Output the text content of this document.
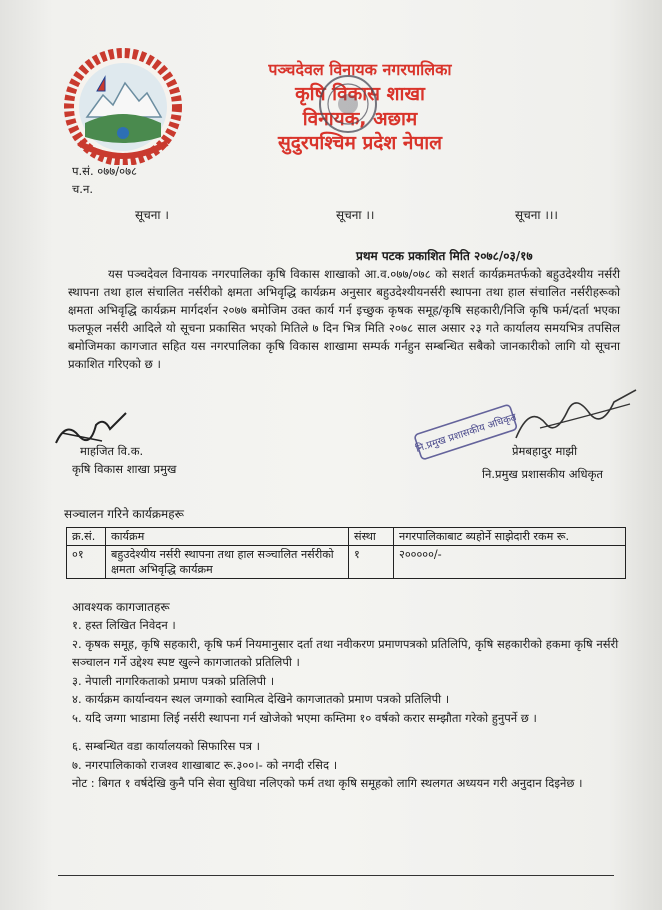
पञ्चदेवल विनायक नगरपालिका
कृषि विकास शाखा
विनायक, अछाम
सुदुरपश्चिम प्रदेश नेपाल
प.सं. ०७७/०७८
च.न.
सूचना ।	सूचना ।।	सूचना ।।।
प्रथम पटक प्रकाशित मिति २०७८/०३/१७

यस पञ्चदेवल विनायक नगरपालिका कृषि विकास शाखाको आ.व.०७७/०७८ को सशर्त कार्यक्रमतर्फको बहुउदेश्यीय नर्सरी स्थापना तथा हाल संचालित नर्सरीको क्षमता अभिवृद्धि कार्यक्रम अनुसार बहुउदेश्यीयनर्सरी स्थापना तथा हाल संचालित नर्सरीहरूको क्षमता अभिवृद्धि कार्यक्रम मार्गदर्शन २०७७ बमोजिम उक्त कार्य गर्न इच्छुक कृषक समूह/कृषि सहकारी/निजि कृषि फर्म/दर्ता भएका फलफूल नर्सरी आदिले यो सूचना प्रकासित भएको मितिले ७ दिन भित्र मिति २०७८ साल असार २३ गते कार्यालय समयभित्र तपसिल बमोजिमका कागजात सहित यस नगरपालिका कृषि विकास शाखामा सम्पर्क गर्नहुन सम्बन्धित सबैको जानकारीको लागि यो सूचना प्रकाशित गरिएको छ ।

माहजित वि.क.
कृषि विकास शाखा प्रमुख
नि.प्रमुख प्रशासकीय अधिकृत
प्रेमबहादुर माझी
नि.प्रमुख प्रशासकीय अधिकृत
सञ्चालन गरिने कार्यक्रमहरू
क्र.सं.	कार्यक्रम	संस्था	नगरपालिकाबाट ब्यहोर्ने साझेदारी रकम रू.
०१	बहुउदेश्यीय नर्सरी स्थापना तथा हाल सञ्चालित नर्सरीको क्षमता अभिवृद्धि कार्यक्रम	१	२०००००/-
आवश्यक कागजातहरू
१. हस्त लिखित निवेदन ।
२. कृषक समूह, कृषि सहकारी, कृषि फर्म नियमानुसार दर्ता तथा नवीकरण प्रमाणपत्रको प्रतिलिपि, कृषि सहकारीको हकमा कृषि नर्सरी सञ्चालन गर्ने उद्देश्य स्पष्ट खुल्ने कागजातको प्रतिलिपी ।
३. नेपाली नागरिकताको प्रमाण पत्रको प्रतिलिपी ।
४. कार्यक्रम कार्यान्वयन स्थल जग्गाको स्वामित्व देखिने कागजातको प्रमाण पत्रको प्रतिलिपी ।
५. यदि जग्गा भाडामा लिई नर्सरी स्थापना गर्न खोजेको भएमा कम्तिमा १० वर्षको करार सम्झौता गरेको हुनुपर्ने छ ।
६. सम्बन्धित वडा कार्यालयको सिफारिस पत्र ।
७. नगरपालिकाको राजश्व शाखाबाट रू.३००।- को नगदी रसिद ।
नोट : बिगत १ वर्षदेखि कुनै पनि सेवा सुविधा नलिएको फर्म तथा कृषि समूहको लागि स्थलगत अध्ययन गरी अनुदान दिइनेछ ।
